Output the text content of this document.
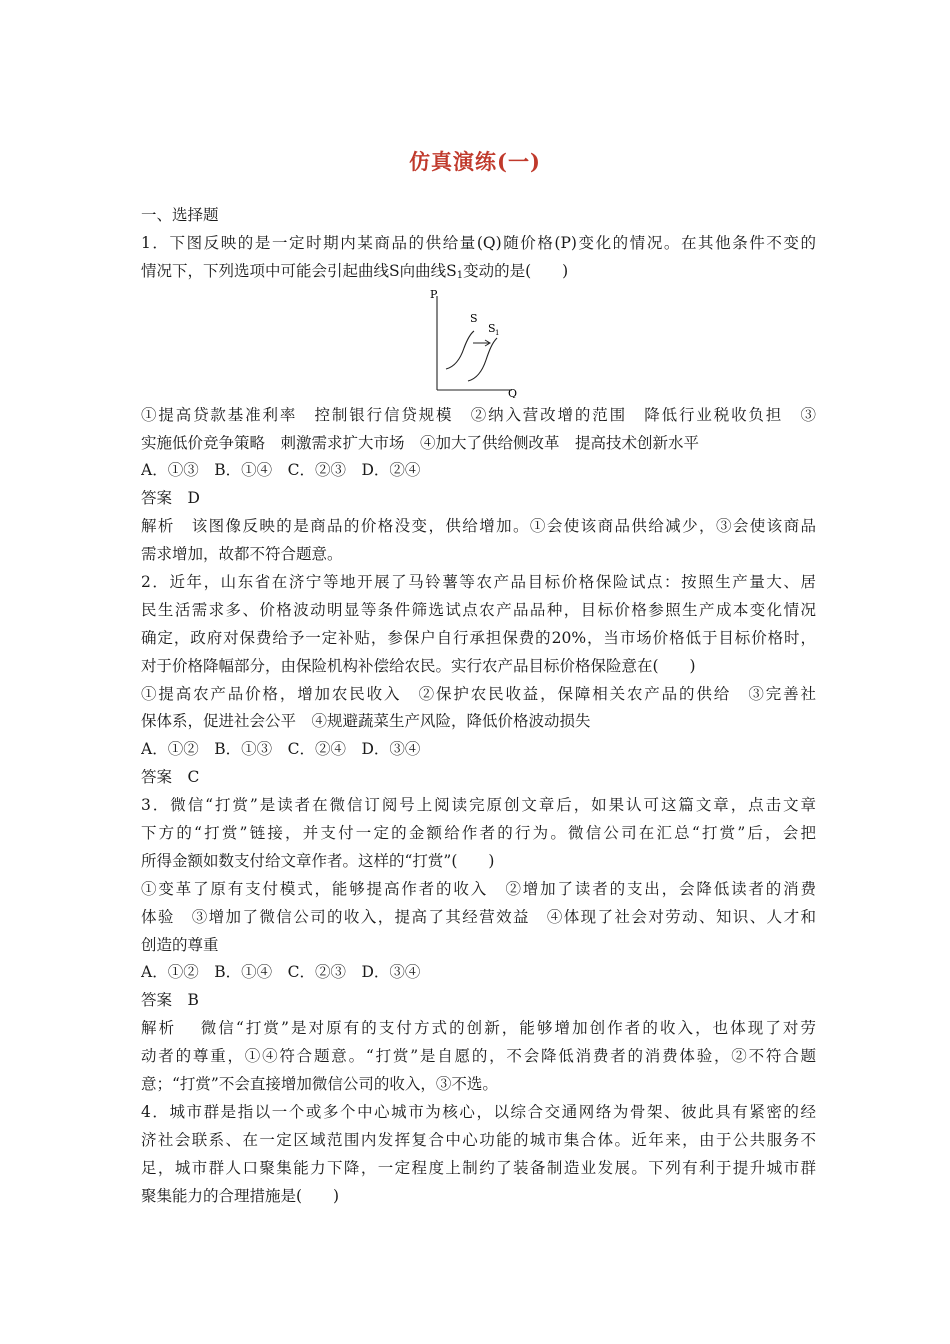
仿真演练(一)
一、选择题
1．下图反映的是一定时期内某商品的供给量(Q)随价格(P)变化的情况。在其他条件不变的
情况下，下列选项中可能会引起曲线S向曲线$S_1$变动的是(　　)
P
Q
S
S 1
①提高贷款基准利率　控制银行信贷规模　②纳入营改增的范围　降低行业税收负担　③
实施低价竞争策略　刺激需求扩大市场　④加大了供给侧改革　提高技术创新水平
A．①③　B．①④　C．②③　D．②④
答案　D
解析　该图像反映的是商品的价格没变，供给增加。①会使该商品供给减少，③会使该商品
需求增加，故都不符合题意。
2．近年，山东省在济宁等地开展了马铃薯等农产品目标价格保险试点：按照生产量大、居
民生活需求多、价格波动明显等条件筛选试点农产品品种，目标价格参照生产成本变化情况
确定，政府对保费给予一定补贴，参保户自行承担保费的20%，当市场价格低于目标价格时，
对于价格降幅部分，由保险机构补偿给农民。实行农产品目标价格保险意在(　　)
①提高农产品价格，增加农民收入　②保护农民收益，保障相关农产品的供给　③完善社
保体系，促进社会公平　④规避蔬菜生产风险，降低价格波动损失
A．①②　B．①③　C．②④　D．③④
答案　C
3．微信“打赏”是读者在微信订阅号上阅读完原创文章后，如果认可这篇文章，点击文章
下方的“打赏”链接，并支付一定的金额给作者的行为。微信公司在汇总“打赏”后，会把
所得金额如数支付给文章作者。这样的“打赏”(　　)
①变革了原有支付模式，能够提高作者的收入　②增加了读者的支出，会降低读者的消费
体验　③增加了微信公司的收入，提高了其经营效益　④体现了社会对劳动、知识、人才和
创造的尊重
A．①②　B．①④　C．②③　D．③④
答案　B
解析　 微信“打赏”是对原有的支付方式的创新，能够增加创作者的收入，也体现了对劳
动者的尊重，①④符合题意。“打赏”是自愿的，不会降低消费者的消费体验，②不符合题
意；“打赏”不会直接增加微信公司的收入，③不选。
4．城市群是指以一个或多个中心城市为核心，以综合交通网络为骨架、彼此具有紧密的经
济社会联系、在一定区域范围内发挥复合中心功能的城市集合体。近年来，由于公共服务不
足，城市群人口聚集能力下降，一定程度上制约了装备制造业发展。下列有利于提升城市群
聚集能力的合理措施是(　　)
